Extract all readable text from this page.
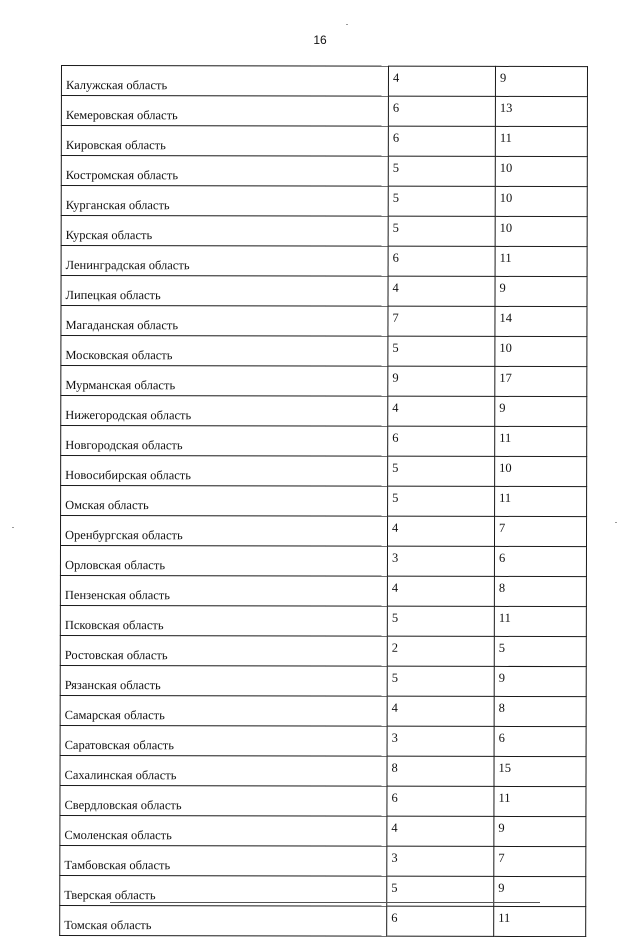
16
Калужская область	4	9
Кемеровская область	6	13
Кировская область	6	11
Костромская область	5	10
Курганская область	5	10
Курская область	5	10
Ленинградская область	6	11
Липецкая область	4	9
Магаданская область	7	14
Московская область	5	10
Мурманская область	9	17
Нижегородская область	4	9
Новгородская область	6	11
Новосибирская область	5	10
Омская область	5	11
Оренбургская область	4	7
Орловская область	3	6
Пензенская область	4	8
Псковская область	5	11
Ростовская область	2	5
Рязанская область	5	9
Самарская область	4	8
Саратовская область	3	6
Сахалинская область	8	15
Свердловская область	6	11
Смоленская область	4	9
Тамбовская область	3	7
Тверская область	5	9
Томская область	6	11
